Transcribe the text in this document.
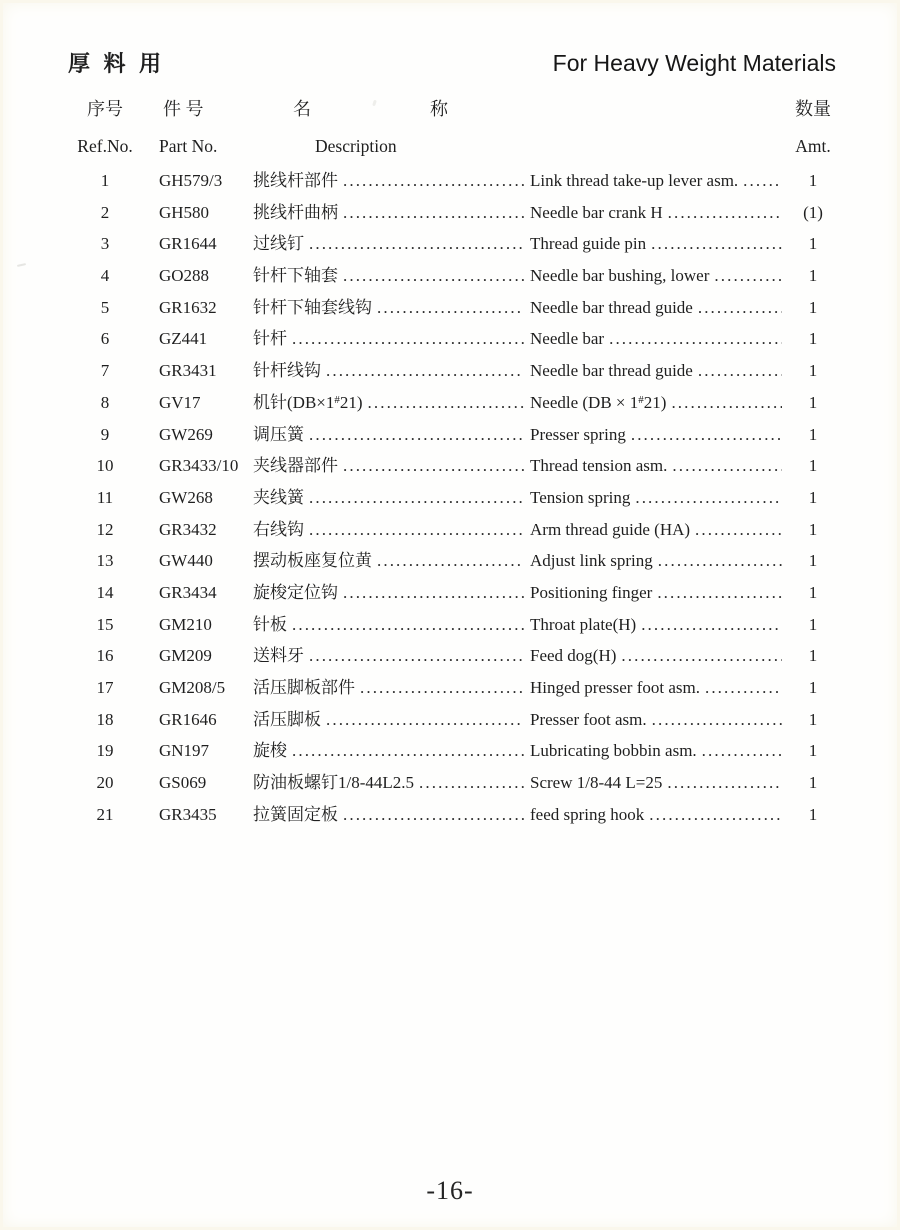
厚 料 用	For Heavy Weight Materials
序号	件 号	名	称	数量
Ref.No.	Part No.	Description	Amt.
1	GH579/3	挑线杆部件 .....	Link thread take-up lever asm. .....	1
2	GH580	挑线杆曲柄 .....	Needle bar crank H .....	(1)
3	GR1644	过线钉 .....	Thread guide pin .....	1
4	GO288	针杆下轴套 .....	Needle bar bushing, lower .....	1
5	GR1632	针杆下轴套线钩 .....	Needle bar thread guide .....	1
6	GZ441	针杆 .....	Needle bar .....	1
7	GR3431	针杆线钩 .....	Needle bar thread guide .....	1
8	GV17	机针(DB×1#21) .....	Needle (DB × 1#21) .....	1
9	GW269	调压簧 .....	Presser spring .....	1
10	GR3433/10 夹线器部件 .....	Thread tension asm. .....	1
11	GW268	夹线簧 .....	Tension spring .....	1
12	GR3432	右线钩 .....	Arm thread guide (HA) .....	1
13	GW440	摆动板座复位黄 .....	Adjust link spring .....	1
14	GR3434	旋梭定位钩 .....	Positioning finger .....	1
15	GM210	针板 .....	Throat plate(H) .....	1
16	GM209	送料牙 .....	Feed dog(H) .....	1
17	GM208/5	活压脚板部件 .....	Hinged presser foot asm. .....	1
18	GR1646	活压脚板 .....	Presser foot asm. .....	1
19	GN197	旋梭 .....	Lubricating bobbin asm. .....	1
20	GS069	防油板螺钉1/8-44L2.5 .....	Screw 1/8-44 L=25 .....	1
21	GR3435	拉簧固定板 .....	feed spring hook .....	1
-16-
